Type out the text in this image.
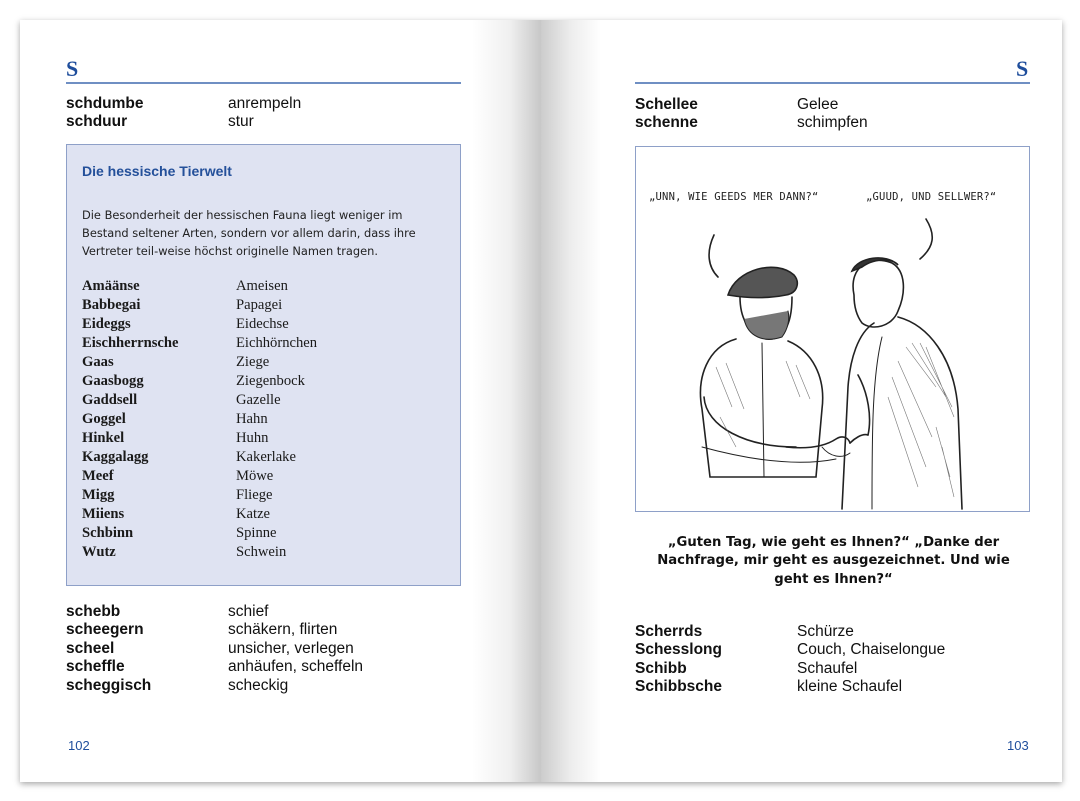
S
schdumbe	anrempeln
schduur	stur
Die hessische Tierwelt
Die Besonderheit der hessischen Fauna liegt weniger im Bestand seltener Arten, sondern vor allem darin, dass ihre Vertreter teil-weise höchst originelle Namen tragen.
Amäänse	Ameisen
Babbegai	Papagei
Eideggs	Eidechse
Eischherrnsche	Eichhörnchen
Gaas	Ziege
Gaasbogg	Ziegenbock
Gaddsell	Gazelle
Goggel	Hahn
Hinkel	Huhn
Kaggalagg	Kakerlake
Meef	Möwe
Migg	Fliege
Miiens	Katze
Schbinn	Spinne
Wutz	Schwein
schebb	schief
scheegern	schäkern, flirten
scheel	unsicher, verlegen
scheffle	anhäufen, scheffeln
scheggisch	scheckig
102
S
Schellee	Gelee
schenne	schimpfen
„UNN, WIE GEEDS MER DANN?“	„GUUD, UND SELLWER?“
„Guten Tag, wie geht es Ihnen?“ „Danke der Nachfrage, mir geht es ausgezeichnet. Und wie geht es Ihnen?“
Scherrds	Schürze
Schesslong	Couch, Chaiselongue
Schibb	Schaufel
Schibbsche	kleine Schaufel
103
